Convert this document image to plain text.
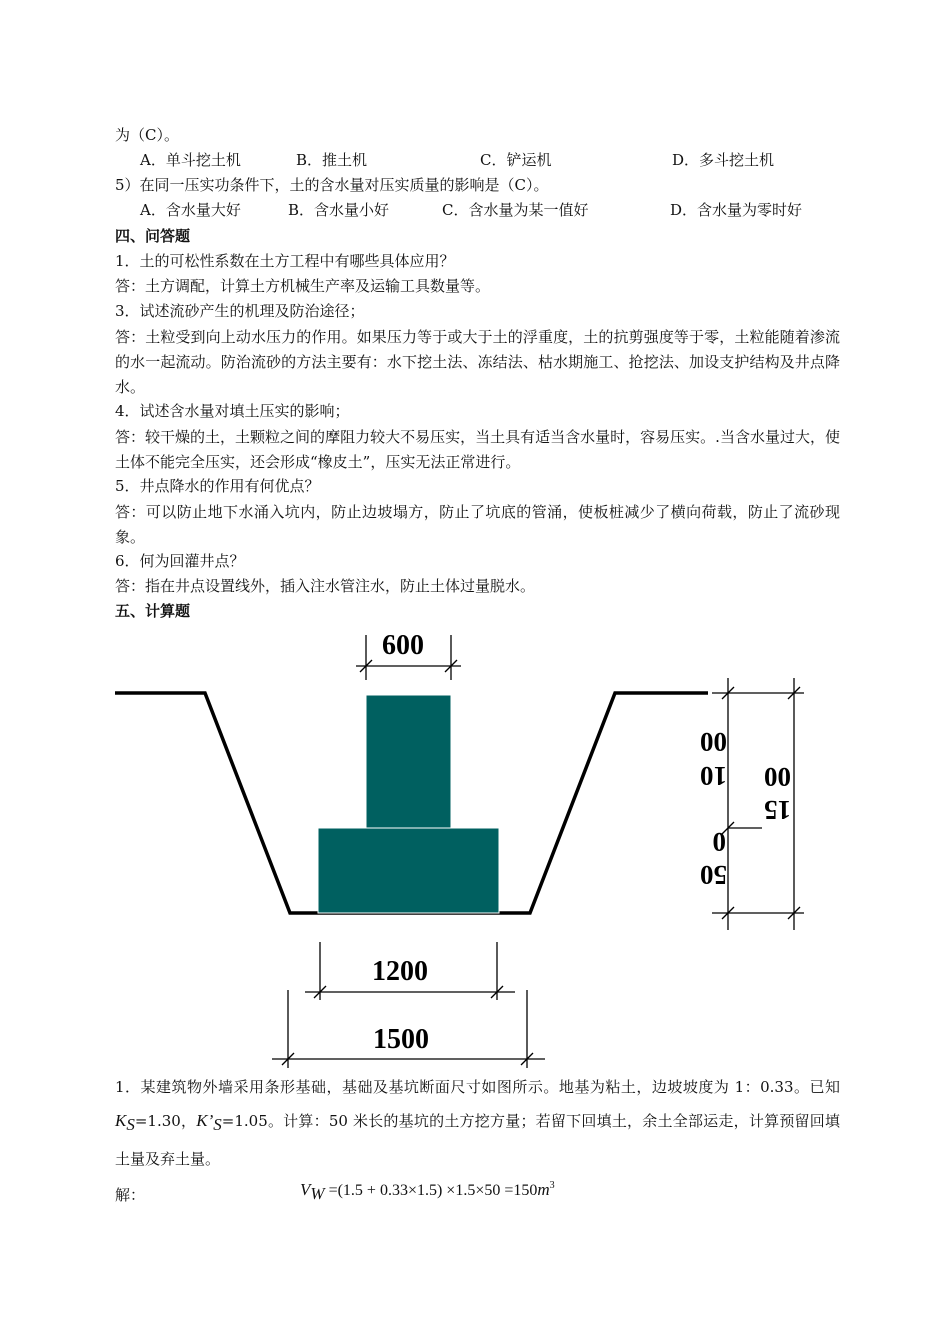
为（C）。
A．单斗挖土机	B．推土机	C．铲运机	D．多斗挖土机
5）在同一压实功条件下，土的含水量对压实质量的影响是（C）。
A．含水量大好	B．含水量小好	C．含水量为某一值好	D．含水量为零时好
四、问答题
1．土的可松性系数在土方工程中有哪些具体应用？
答：土方调配，计算土方机械生产率及运输工具数量等。
3．试述流砂产生的机理及防治途径；
答：土粒受到向上动水压力的作用。如果压力等于或大于土的浮重度，土的抗剪强度等于零，土粒能随着渗流的水一起流动。防治流砂的方法主要有：水下挖土法、冻结法、枯水期施工、抢挖法、加设支护结构及井点降水。
4．试述含水量对填土压实的影响；
答：较干燥的土，土颗粒之间的摩阻力较大不易压实，当土具有适当含水量时，容易压实。.当含水量过大，使土体不能完全压实，还会形成“橡皮土”，压实无法正常进行。
5．井点降水的作用有何优点？
答：可以防止地下水涌入坑内，防止边坡塌方，防止了坑底的管涌，使板桩减少了横向荷载，防止了流砂现象。
6．何为回灌井点？
答：指在井点设置线外，插入注水管注水，防止土体过量脱水。
五、计算题
600
1200
1500
00
10 00
15
0
50
1．某建筑物外墙采用条形基础，基础及基坑断面尺寸如图所示。地基为粘土，边坡坡度为 1：0.33。已知 KS=1.30，K’S=1.05。计算：50 米长的基坑的土方挖方量；若留下回填土，余土全部运走，计算预留回填土量及弃土量。
解：	VW $=(1.5 + 0.33\times 1.5) \times 1.5\times 50 =150m^3$
